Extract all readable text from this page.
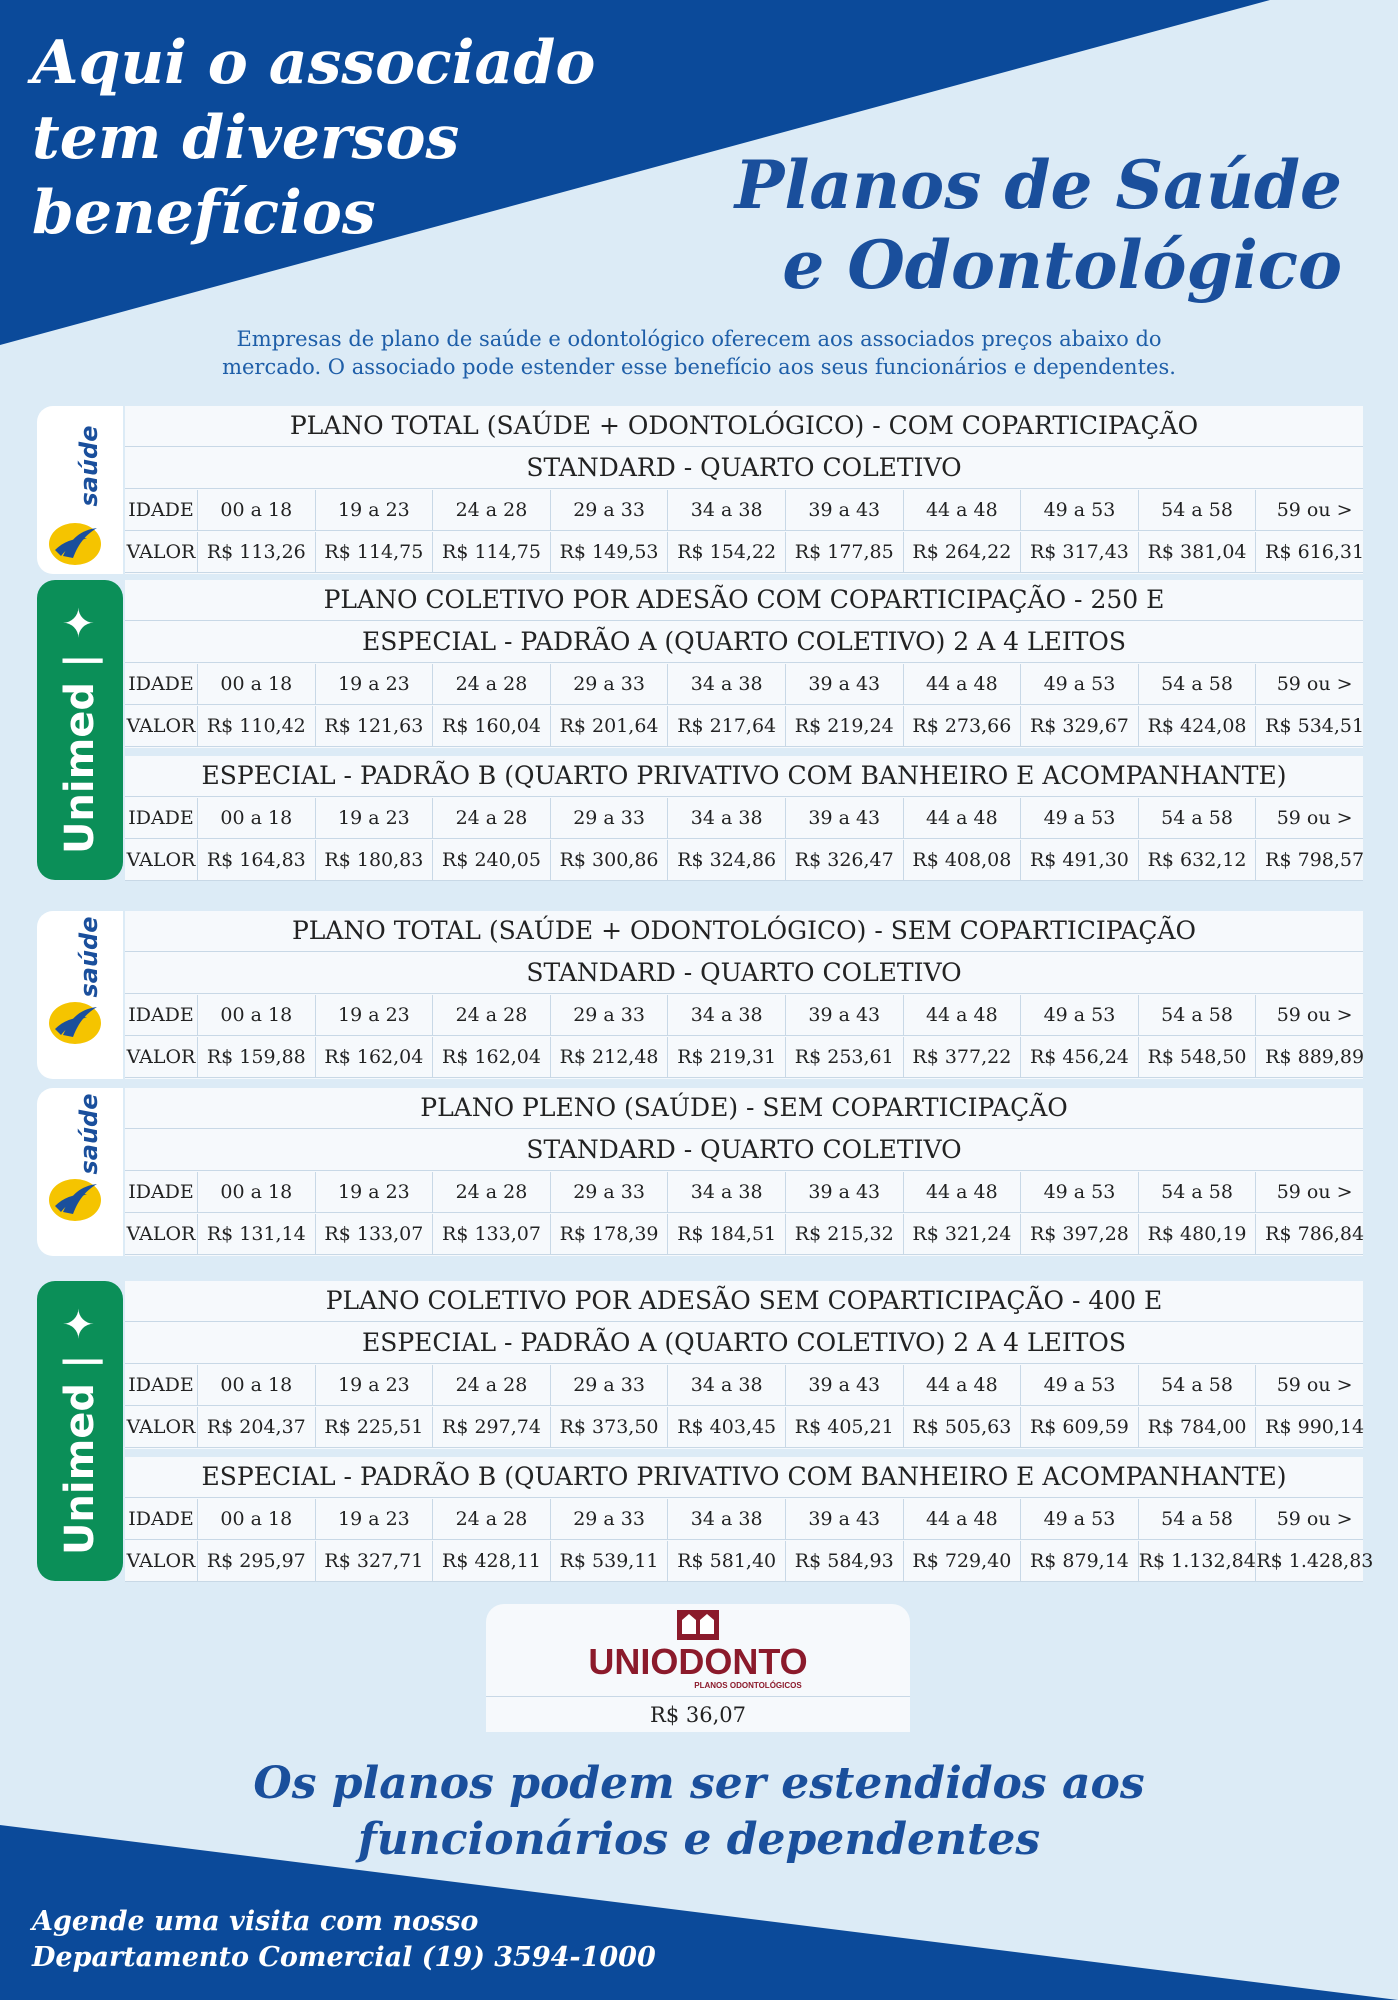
Aqui o associado
tem diversos
benefícios	Planos de Saúde
e Odontológico

Empresas de plano de saúde e odontológico oferecem aos associados preços abaixo do
mercado. O associado pode estender esse benefício aos seus funcionários e dependentes.

saúde	PLANO TOTAL (SAÚDE + ODONTOLÓGICO) - COM COPARTICIPAÇÃO
STANDARD - QUARTO COLETIVO
IDADE	00 a 18	19 a 23	24 a 28	29 a 33	34 a 38	39 a 43	44 a 48	49 a 53	54 a 58	59 ou >
VALOR R$ 113,26 R$ 114,75 R$ 114,75 R$ 149,53 R$ 154,22 R$ 177,85 R$ 264,22 R$ 317,43 R$ 381,04 R$ 616,31
Unimed | ✦
PLANO COLETIVO POR ADESÃO COM COPARTICIPAÇÃO - 250 E
ESPECIAL - PADRÃO A (QUARTO COLETIVO) 2 A 4 LEITOS
IDADE	00 a 18	19 a 23	24 a 28	29 a 33	34 a 38	39 a 43	44 a 48	49 a 53	54 a 58	59 ou >
VALOR R$ 110,42 R$ 121,63 R$ 160,04 R$ 201,64 R$ 217,64 R$ 219,24 R$ 273,66 R$ 329,67 R$ 424,08 R$ 534,51
ESPECIAL - PADRÃO B (QUARTO PRIVATIVO COM BANHEIRO E ACOMPANHANTE)
IDADE	00 a 18	19 a 23	24 a 28	29 a 33	34 a 38	39 a 43	44 a 48	49 a 53	54 a 58	59 ou >
VALOR R$ 164,83 R$ 180,83 R$ 240,05 R$ 300,86 R$ 324,86 R$ 326,47 R$ 408,08 R$ 491,30 R$ 632,12 R$ 798,57
saúde	PLANO TOTAL (SAÚDE + ODONTOLÓGICO) - SEM COPARTICIPAÇÃO
STANDARD - QUARTO COLETIVO
IDADE	00 a 18	19 a 23	24 a 28	29 a 33	34 a 38	39 a 43	44 a 48	49 a 53	54 a 58	59 ou >
VALOR R$ 159,88 R$ 162,04 R$ 162,04 R$ 212,48 R$ 219,31 R$ 253,61 R$ 377,22 R$ 456,24 R$ 548,50 R$ 889,89
saúde	PLANO PLENO (SAÚDE) - SEM COPARTICIPAÇÃO
STANDARD - QUARTO COLETIVO
IDADE	00 a 18	19 a 23	24 a 28	29 a 33	34 a 38	39 a 43	44 a 48	49 a 53	54 a 58	59 ou >
VALOR R$ 131,14 R$ 133,07 R$ 133,07 R$ 178,39 R$ 184,51 R$ 215,32 R$ 321,24 R$ 397,28 R$ 480,19 R$ 786,84
Unimed | ✦
PLANO COLETIVO POR ADESÃO SEM COPARTICIPAÇÃO - 400 E
ESPECIAL - PADRÃO A (QUARTO COLETIVO) 2 A 4 LEITOS
IDADE	00 a 18	19 a 23	24 a 28	29 a 33	34 a 38	39 a 43	44 a 48	49 a 53	54 a 58	59 ou >
VALOR R$ 204,37 R$ 225,51 R$ 297,74 R$ 373,50 R$ 403,45 R$ 405,21 R$ 505,63 R$ 609,59 R$ 784,00 R$ 990,14
ESPECIAL - PADRÃO B (QUARTO PRIVATIVO COM BANHEIRO E ACOMPANHANTE)
IDADE	00 a 18	19 a 23	24 a 28	29 a 33	34 a 38	39 a 43	44 a 48	49 a 53	54 a 58	59 ou >
VALOR R$ 295,97 R$ 327,71 R$ 428,11 R$ 539,11 R$ 581,40 R$ 584,93 R$ 729,40 R$ 879,14 R$ 1.132,84 R$ 1.428,83
UNIODONTO
PLANOS ODONTOLÓGICOS
R$ 36,07

Os planos podem ser estendidos aos
funcionários e dependentes

Agende uma visita com nosso
Departamento Comercial (19) 3594-1000
